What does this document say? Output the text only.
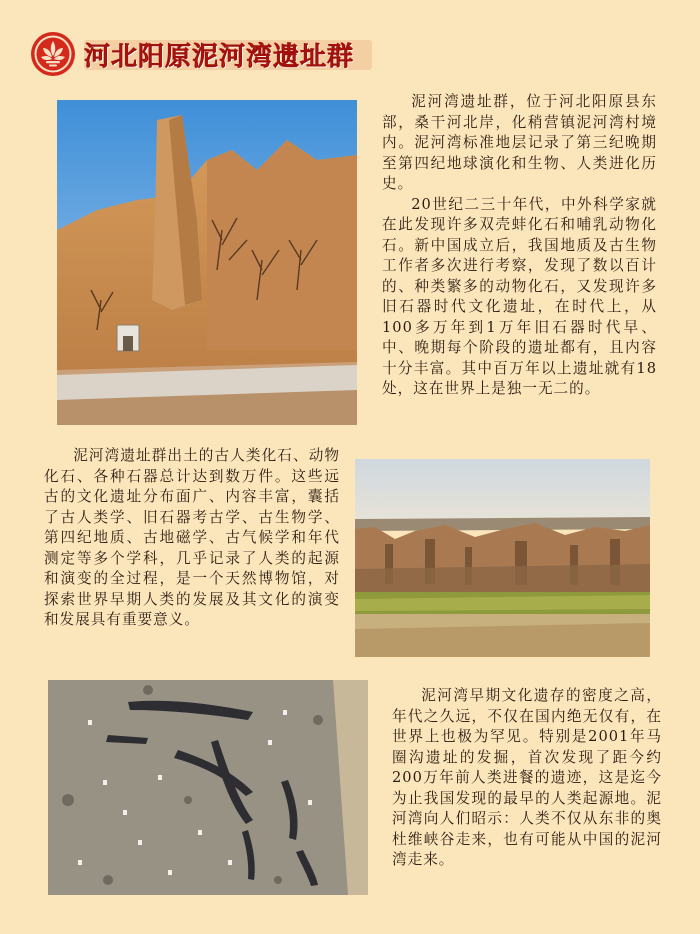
河北阳原泥河湾遗址群

泥河湾遗址群，位于河北阳原县东部，桑干河北岸，化稍营镇泥河湾村境内。泥河湾标准地层记录了第三纪晚期至第四纪地球演化和生物、人类进化历史。

20世纪二三十年代，中外科学家就在此发现许多双壳蚌化石和哺乳动物化石。新中国成立后，我国地质及古生物工作者多次进行考察，发现了数以百计的、种类繁多的动物化石，又发现许多旧石器时代文化遗址，在时代上，从100多万年到1万年旧石器时代早、中、晚期每个阶段的遗址都有，且内容十分丰富。其中百万年以上遗址就有18处，这在世界上是独一无二的。

泥河湾遗址群出土的古人类化石、动物化石、各种石器总计达到数万件。这些远古的文化遗址分布面广、内容丰富，囊括了古人类学、旧石器考古学、古生物学、第四纪地质、古地磁学、古气候学和年代测定等多个学科，几乎记录了人类的起源和演变的全过程，是一个天然博物馆，对探索世界早期人类的发展及其文化的演变和发展具有重要意义。

泥河湾早期文化遗存的密度之高，年代之久远，不仅在国内绝无仅有，在世界上也极为罕见。特别是2001年马圈沟遗址的发掘，首次发现了距今约200万年前人类进餐的遗迹，这是迄今为止我国发现的最早的人类起源地。泥河湾向人们昭示：人类不仅从东非的奥杜维峡谷走来，也有可能从中国的泥河湾走来。
